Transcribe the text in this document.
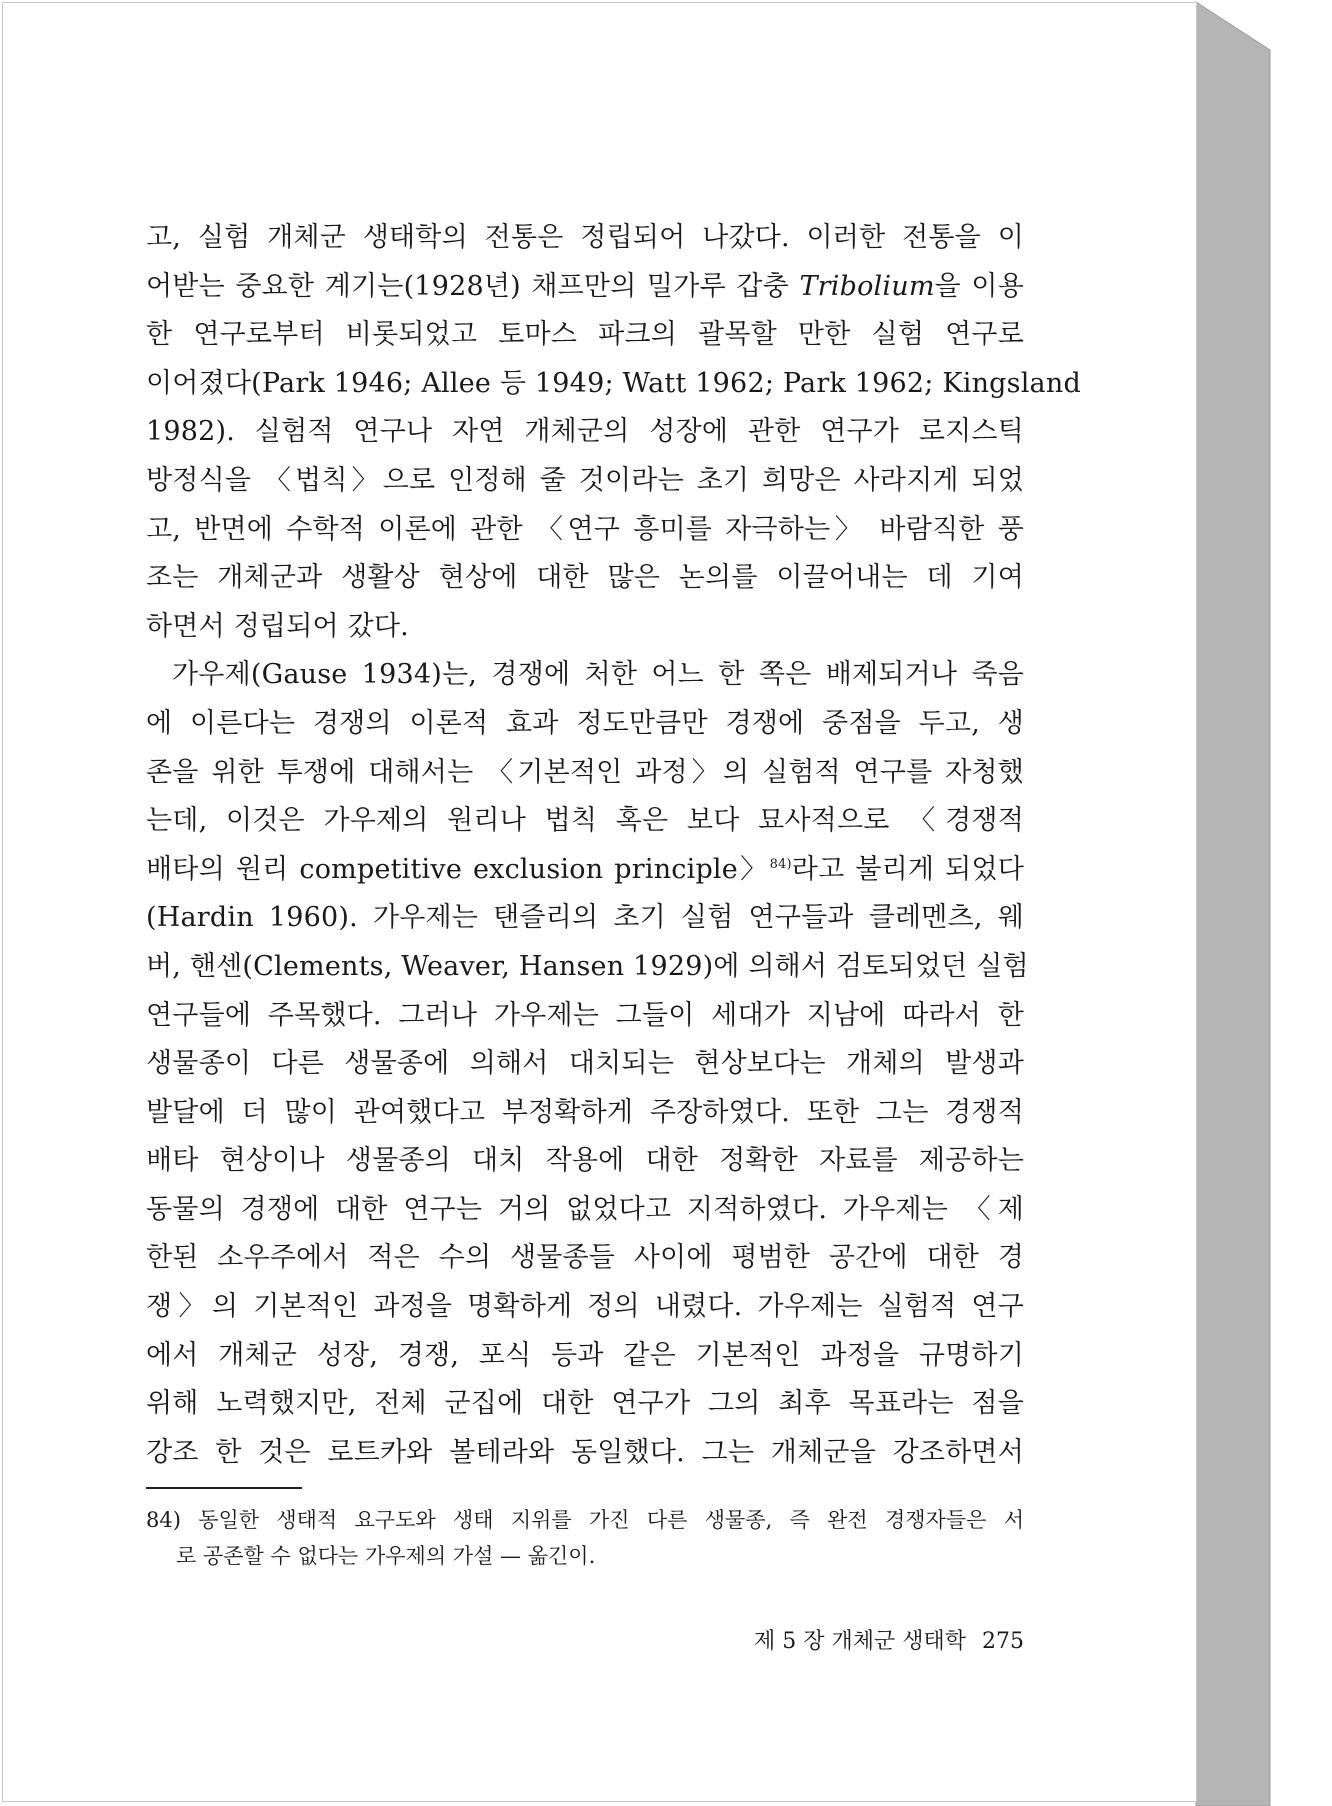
고, 실험 개체군 생태학의 전통은 정립되어 나갔다. 이러한 전통을 이
어받는 중요한 계기는(1928년) 채프만의 밀가루 갑충 Tribolium을 이용
한 연구로부터 비롯되었고 토마스 파크의 괄목할 만한 실험 연구로
이어졌다(Park 1946; Allee 등 1949; Watt 1962; Park 1962; Kingsland
1982). 실험적 연구나 자연 개체군의 성장에 관한 연구가 로지스틱
방정식을 〈법칙〉으로 인정해 줄 것이라는 초기 희망은 사라지게 되었
고, 반면에 수학적 이론에 관한 〈연구 흥미를 자극하는〉 바람직한 풍
조는 개체군과 생활상 현상에 대한 많은 논의를 이끌어내는 데 기여
하면서 정립되어 갔다.
가우제(Gause 1934)는, 경쟁에 처한 어느 한 쪽은 배제되거나 죽음
에 이른다는 경쟁의 이론적 효과 정도만큼만 경쟁에 중점을 두고, 생
존을 위한 투쟁에 대해서는 〈기본적인 과정〉의 실험적 연구를 자청했
는데, 이것은 가우제의 원리나 법칙 혹은 보다 묘사적으로 〈경쟁적
배타의 원리 competitive exclusion principle〉$^{84)}$라고 불리게 되었다
(Hardin 1960). 가우제는 탠즐리의 초기 실험 연구들과 클레멘츠, 웨
버, 핸센(Clements, Weaver, Hansen 1929)에 의해서 검토되었던 실험
연구들에 주목했다. 그러나 가우제는 그들이 세대가 지남에 따라서 한
생물종이 다른 생물종에 의해서 대치되는 현상보다는 개체의 발생과
발달에 더 많이 관여했다고 부정확하게 주장하였다. 또한 그는 경쟁적
배타 현상이나 생물종의 대치 작용에 대한 정확한 자료를 제공하는
동물의 경쟁에 대한 연구는 거의 없었다고 지적하였다. 가우제는 〈제
한된 소우주에서 적은 수의 생물종들 사이에 평범한 공간에 대한 경
쟁〉의 기본적인 과정을 명확하게 정의 내렸다. 가우제는 실험적 연구
에서 개체군 성장, 경쟁, 포식 등과 같은 기본적인 과정을 규명하기
위해 노력했지만, 전체 군집에 대한 연구가 그의 최후 목표라는 점을
강조 한 것은 로트카와 볼테라와 동일했다. 그는 개체군을 강조하면서
84) 동일한 생태적 요구도와 생태 지위를 가진 다른 생물종, 즉 완전 경쟁자들은 서
로 공존할 수 없다는 가우제의 가설 — 옮긴이.
제 5 장 개체군 생태학 275
